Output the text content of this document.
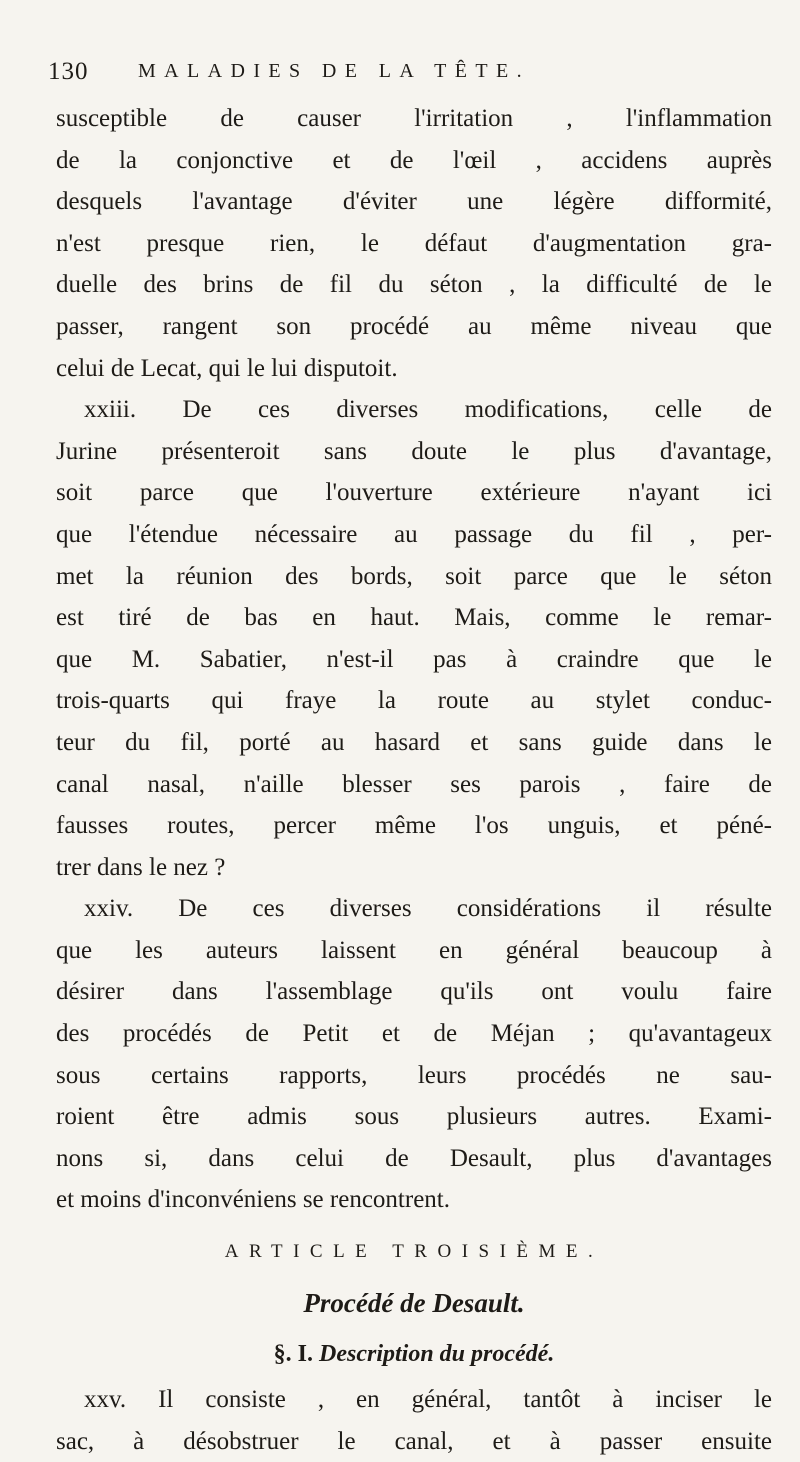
130 MALADIES DE LA TÊTE.
susceptible de causer l'irritation , l'inflammation
de la conjonctive et de l'œil , accidens auprès
desquels l'avantage d'éviter une légère difformité,
n'est presque rien, le défaut d'augmentation gra-
duelle des brins de fil du séton , la difficulté de le
passer, rangent son procédé au même niveau que
celui de Lecat, qui le lui disputoit.
xxiii. De ces diverses modifications, celle de
Jurine présenteroit sans doute le plus d'avantage,
soit parce que l'ouverture extérieure n'ayant ici
que l'étendue nécessaire au passage du fil , per-
met la réunion des bords, soit parce que le séton
est tiré de bas en haut. Mais, comme le remar-
que M. Sabatier, n'est-il pas à craindre que le
trois-quarts qui fraye la route au stylet conduc-
teur du fil, porté au hasard et sans guide dans le
canal nasal, n'aille blesser ses parois , faire de
fausses routes, percer même l'os unguis, et péné-
trer dans le nez ?
xxiv. De ces diverses considérations il résulte
que les auteurs laissent en général beaucoup à
désirer dans l'assemblage qu'ils ont voulu faire
des procédés de Petit et de Méjan ; qu'avantageux
sous certains rapports, leurs procédés ne sau-
roient être admis sous plusieurs autres. Exami-
nons si, dans celui de Desault, plus d'avantages
et moins d'inconvéniens se rencontrent.
ARTICLE TROISIÈME.
Procédé de Desault.
§. I. Description du procédé.
xxv. Il consiste , en général, tantôt à inciser le
sac, à désobstruer le canal, et à passer ensuite
